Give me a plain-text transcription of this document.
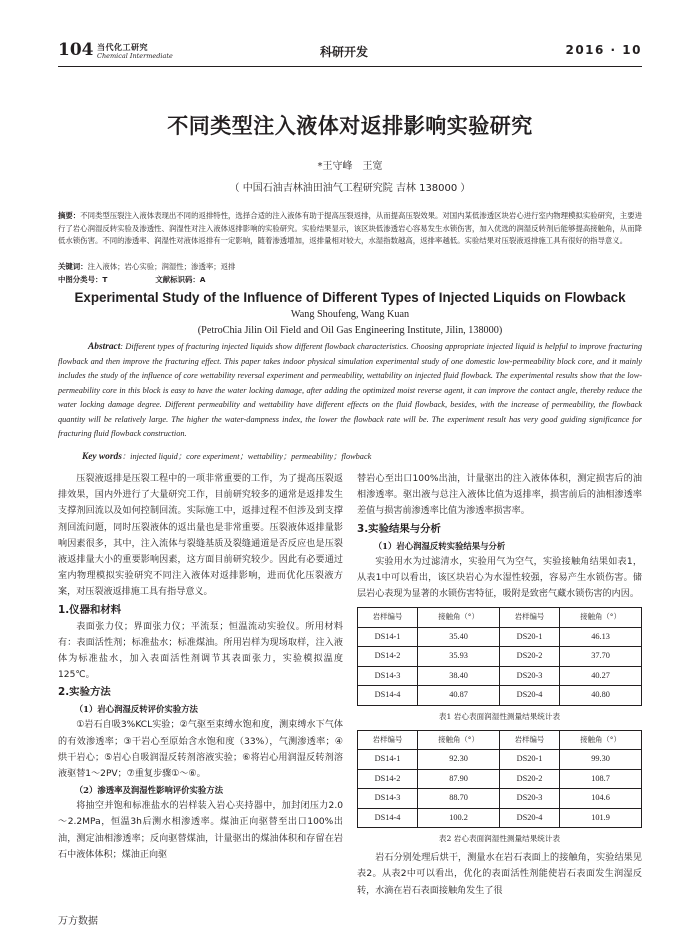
104 当代化工研究
Chemical Intermediate	科研开发	2016 · 10
不同类型注入液体对返排影响实验研究
*王守峰　王宽
（ 中国石油吉林油田油气工程研究院 吉林 138000 ）
摘要：不同类型压裂注入液体表现出不同的返排特性，选择合适的注入液体有助于提高压裂返排，从而提高压裂效果。对国内某低渗透区块岩心进行室内物理模拟实验研究，主要进行了岩心润湿反转实验及渗透性、润湿性对注入液体返排影响的实验研究。实验结果显示，该区块低渗透岩心容易发生水锁伤害，加入优选的润湿反转剂后能够提高接触角，从而降低水锁伤害。不同的渗透率、润湿性对液体返排有一定影响，随着渗透增加，返排量相对较大，水湿指数越高，返排率越低。实验结果对压裂液返排施工具有很好的指导意义。
关键词：注入液体；岩心实验；润湿性；渗透率；返排
中图分类号：T	文献标识码：A
Experimental Study of the Influence of Different Types of Injected Liquids on Flowback
Wang Shoufeng, Wang Kuan
(PetroChia Jilin Oil Field and Oil Gas Engineering Institute, Jilin, 138000)
Abstract: Different types of fracturing injected liquids show different flowback characteristics. Choosing appropriate injected liquid is helpful to improve fracturing flowback and then improve the fracturing effect. This paper takes indoor physical simulation experimental study of one domestic low-permeability block core, and it mainly includes the study of the influence of core wettability reversal experiment and permeability, wettability on injected fluid flowback. The experimental results show that the low-permeability core in this block is easy to have the water locking damage, after adding the optimized moist reverse agent, it can improve the contact angle, thereby reduce the water locking damage degree. Different permeability and wettability have different effects on the fluid flowback, besides, with the increase of permeability, the flowback quantity will be relatively large. The higher the water-dampness index, the lower the flowback rate will be. The experiment result has very good guiding significance for fracturing fluid flowback construction.
Key words：injected liquid；core experiment；wettability；permeability；flowback

压裂液返排是压裂工程中的一项非常重要的工作，为了提高压裂返排效果，国内外进行了大量研究工作，目前研究较多的通常是返排发生支撑剂回流以及如何控制回流。实际施工中，返排过程不但涉及到支撑剂回流问题，同时压裂液体的返出量也是非常重要。压裂液体返排量影响因素很多，其中，注入流体与裂缝基质及裂缝通道是否反应也是压裂液返排量大小的重要影响因素，这方面目前研究较少。因此有必要通过室内物理模拟实验研究不同注入液体对返排影响，进而优化压裂液方案，对压裂液返排施工具有指导意义。

1.仪器和材料

表面张力仪；界面张力仪；平流泵；恒温流动实验仪。所用材料有：表面活性剂；标准盐水；标准煤油。所用岩样为现场取样，注入液体为标准盐水，加入表面活性剂调节其表面张力，实验模拟温度125℃。

2.实验方法

（1）岩心润湿反转评价实验方法

①岩石自吸3%KCL实验；②气驱至束缚水饱和度，测束缚水下气体的有效渗透率；③干岩心至原始含水饱和度（33%），气测渗透率；④烘干岩心；⑤岩心自吸润湿反转剂溶液实验；⑥将岩心用润湿反转剂溶液驱替1～2PV；⑦重复步骤①～⑥。

（2）渗透率及润湿性影响评价实验方法

将抽空并饱和标准盐水的岩样装入岩心夹持器中，加封闭压力2.0～2.2MPa，恒温3h后测水相渗透率。煤油正向驱替至出口100%出油，测定油相渗透率；反向驱替煤油，计量驱出的煤油体积和存留在岩石中液体体积；煤油正向驱

替岩心至出口100%出油，计量驱出的注入液体体积，测定损害后的油相渗透率。驱出液与总注入液体比值为返排率，损害前后的油相渗透率差值与损害前渗透率比值为渗透率损害率。

3.实验结果与分析

（1）岩心润湿反转实验结果与分析

实验用水为过滤清水，实验用气为空气，实验接触角结果如表1，从表1中可以看出，该区块岩心为水湿性较强，容易产生水锁伤害。储层岩心表现为显著的水锁伤害特征，吸附是致密气藏水锁伤害的内因。

岩样编号	接触角（°）	岩样编号	接触角（°）
DS14-1	35.40	DS20-1	46.13
DS14-2	35.93	DS20-2	37.70
DS14-3	38.40	DS20-3	40.27
DS14-4	40.87	DS20-4	40.80

表1 岩心表面润湿性测量结果统计表

岩样编号	接触角（°）	岩样编号	接触角（°）
DS14-1	92.30	DS20-1	99.30
DS14-2	87.90	DS20-2	108.7
DS14-3	88.70	DS20-3	104.6
DS14-4	100.2	DS20-4	101.9

表2 岩心表面润湿性测量结果统计表

岩石分别处理后烘干，测量水在岩石表面上的接触角，实验结果见表2。从表2中可以看出，优化的表面活性剂能使岩石表面发生润湿反转，水滴在岩石表面接触角发生了很

万方数据
